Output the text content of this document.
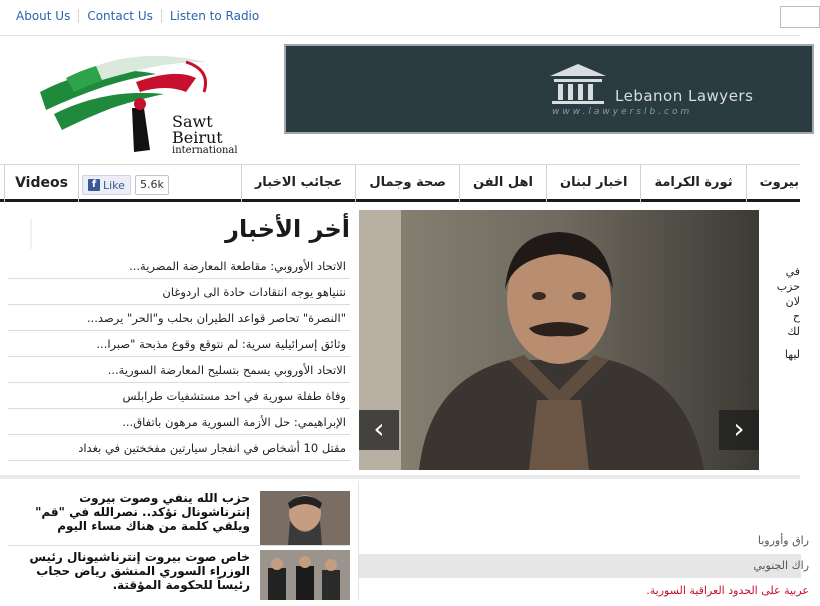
About Us	Contact Us	Listen to Radio
Sawt
Beirut
international
Lebanon Lawyers
www.lawyerslb.com
Videos	f Like	5.6k	بيروت
ثورة الكرامة
اخبار لبنان
اهل الفن
صحة وجمال
عجائب الاخبار
أخر الأخبار
الاتحاد الأوروبي: مقاطعة المعارضة المصرية...
نتنياهو يوجه انتقادات حادة الى اردوغان
"النصرة" تحاصر قواعد الطيران بحلب و"الحر" يرصد...
وثائق إسرائيلية سرية: لم نتوقع وقوع مذبحة "صبرا...
الاتحاد الأوروبي يسمح بتسليح المعارضة السورية...
وفاة طفلة سورية في احد مستشفيات طرابلس
الإبراهيمي: حل الأزمة السورية مرهون باتفاق...
مقتل 10 أشخاص في انفجار سيارتين مفخختين في بغداد
‹	›
في
حزب
لان
ح
لك
ليها
حزب الله ينفي وصوت بيروت
إنترناشونال تؤكد.. نصرالله في "قم"
ويلقي كلمة من هناك مساء اليوم
خاص صوت بيروت إنترناشيونال رئيس
الوزراء السوري المنشق رياض حجاب
رئيساً للحكومة المؤقتة.
راق وأوروبا
راك الجنوبي
عربية على الحدود العراقية السورية.
